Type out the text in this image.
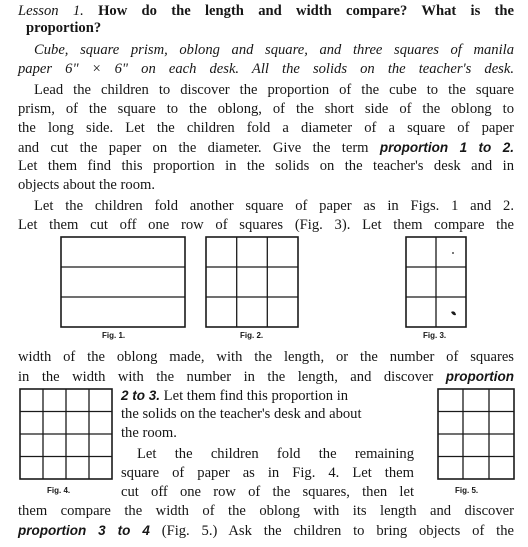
Lesson 1. How do the length and width compare? What is the
proportion?
Cube, square prism, oblong and square, and three squares of manila
paper 6" × 6" on each desk. All the solids on the teacher's desk.
Lead the children to discover the proportion of the cube to the square
prism, of the square to the oblong, of the short side of the oblong to
the long side. Let the children fold a diameter of a square of paper
and cut the paper on the diameter. Give the term proportion 1 to 2.
Let them find this proportion in the solids on the teacher's desk and in
objects about the room.
Let the children fold another square of paper as in Figs. 1 and 2.
Let them cut off one row of squares (Fig. 3). Let them compare the
Fig. 1.	Fig. 2.	Fig. 3.
width of the oblong made, with the length, or the number of squares
in the width with the number in the length, and discover proportion
Fig. 4.
2 to 3. Let them find this proportion in
the solids on the teacher's desk and about
the room.
Let the children fold the remaining
square of paper as in Fig. 4. Let them
cut off one row of the squares, then let	Fig. 5.
them compare the width of the oblong with its length and discover
proportion 3 to 4 (Fig. 5.) Ask the children to bring objects of the
